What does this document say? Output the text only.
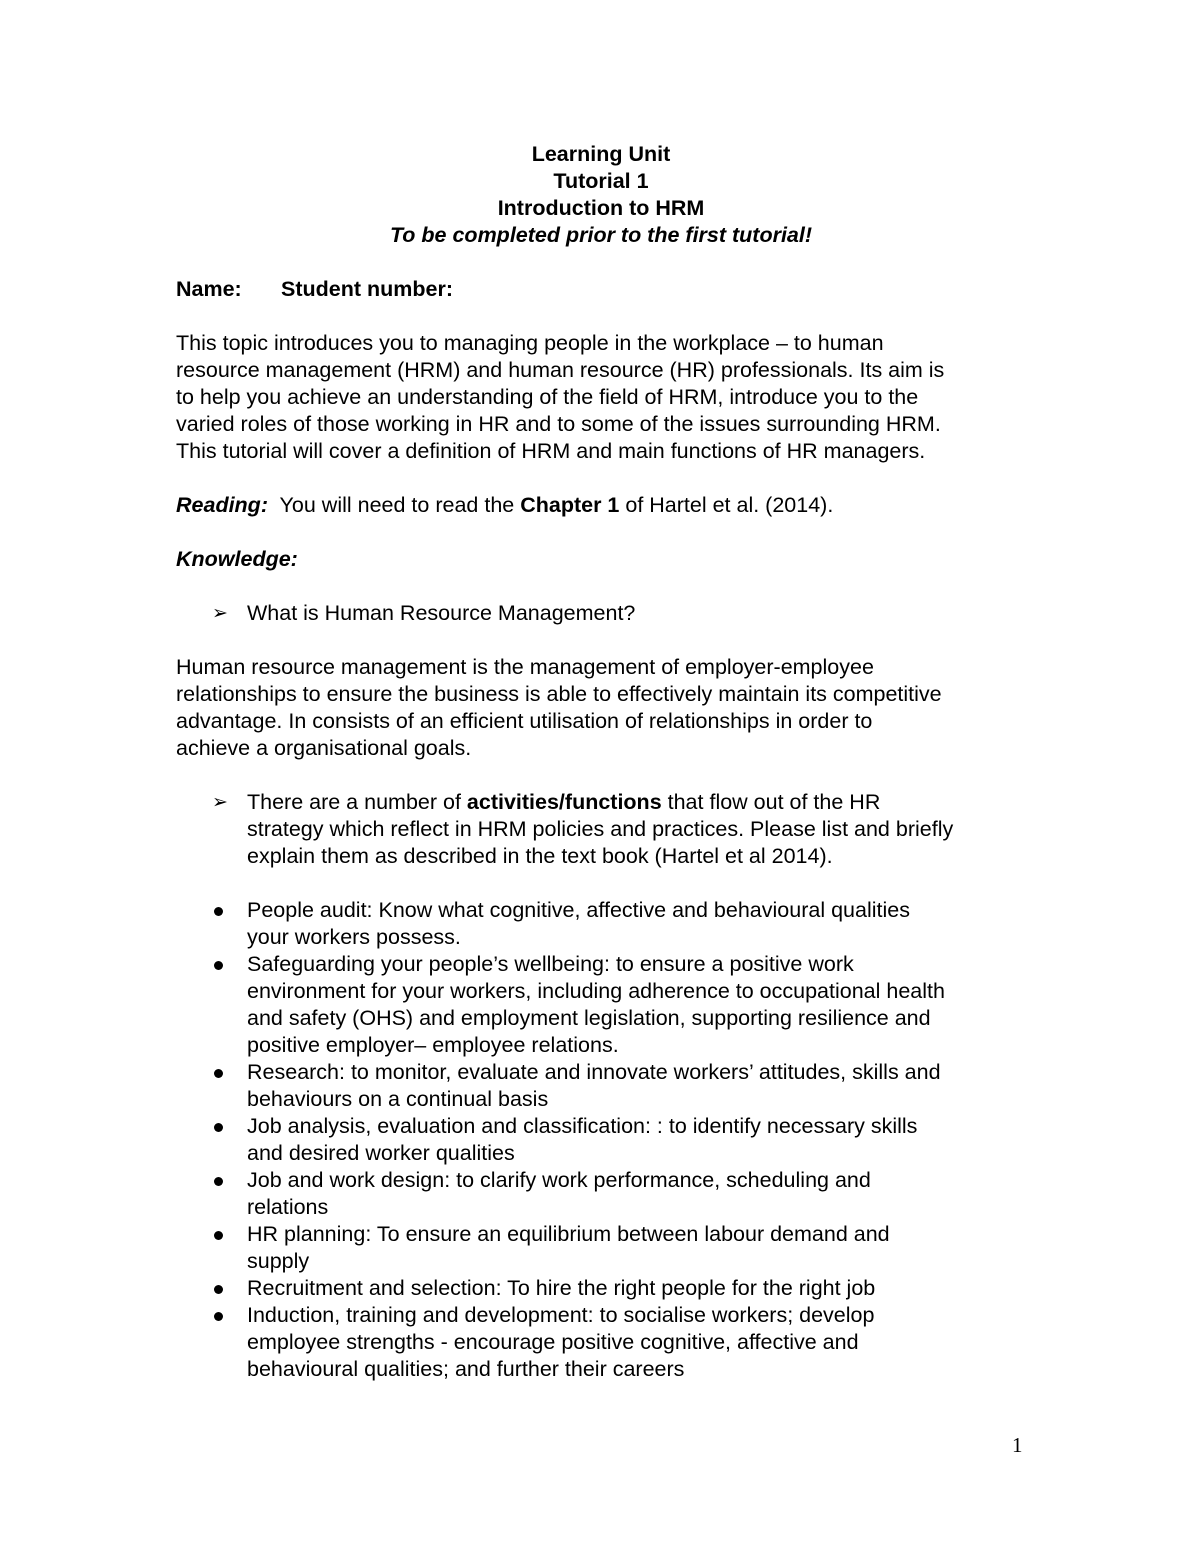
Learning Unit
Tutorial 1
Introduction to HRM
To be completed prior to the first tutorial!
Name: Student number:
This topic introduces you to managing people in the workplace – to human
resource management (HRM) and human resource (HR) professionals. Its aim is
to help you achieve an understanding of the field of HRM, introduce you to the
varied roles of those working in HR and to some of the issues surrounding HRM.
This tutorial will cover a definition of HRM and main functions of HR managers.
Reading: You will need to read the Chapter 1 of Hartel et al. (2014).
Knowledge:
➢ What is Human Resource Management?
Human resource management is the management of employer-employee
relationships to ensure the business is able to effectively maintain its competitive
advantage. In consists of an efficient utilisation of relationships in order to
achieve a organisational goals.
➢ There are a number of activities/functions that flow out of the HR
strategy which reflect in HRM policies and practices. Please list and briefly
explain them as described in the text book (Hartel et al 2014).
People audit: Know what cognitive, affective and behavioural qualities
your workers possess.
Safeguarding your people’s wellbeing: to ensure a positive work
environment for your workers, including adherence to occupational health
and safety (OHS) and employment legislation, supporting resilience and
positive employer– employee relations.
Research: to monitor, evaluate and innovate workers’ attitudes, skills and
behaviours on a continual basis
Job analysis, evaluation and classification: : to identify necessary skills
and desired worker qualities
Job and work design: to clarify work performance, scheduling and
relations
HR planning: To ensure an equilibrium between labour demand and
supply
Recruitment and selection: To hire the right people for the right job
Induction, training and development: to socialise workers; develop
employee strengths - encourage positive cognitive, affective and
behavioural qualities; and further their careers
1
